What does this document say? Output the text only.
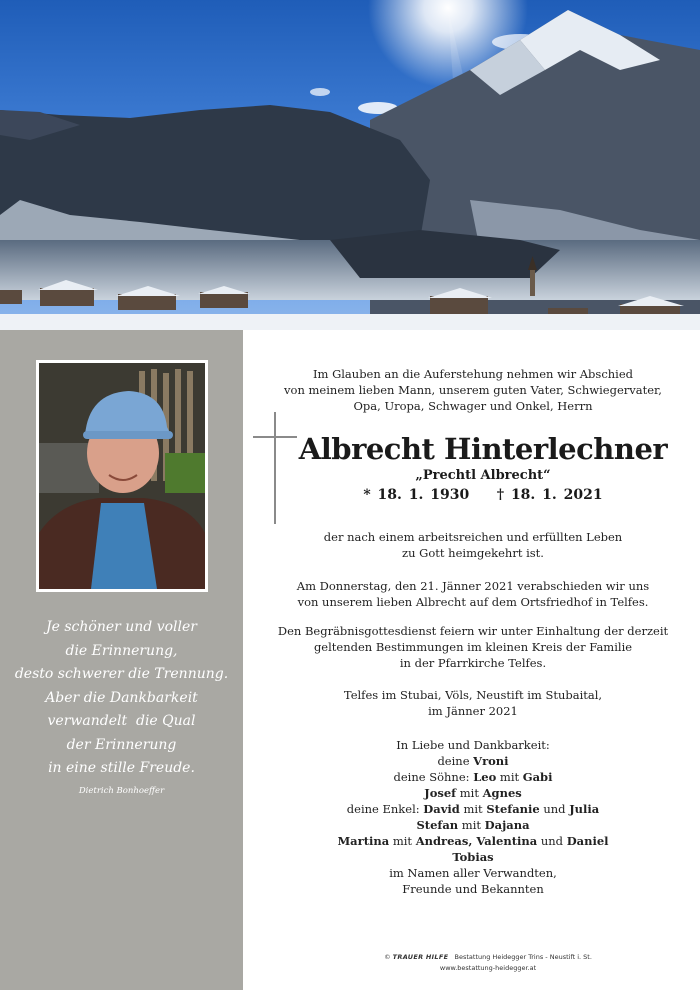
Je schöner und voller
die Erinnerung,
desto schwerer die Trennung.
Aber die Dankbarkeit
verwandelt  die Qual
der Erinnerung
in eine stille Freude.
Dietrich Bonhoeffer
Im Glauben an die Auferstehung nehmen wir Abschied
von meinem lieben Mann, unserem guten Vater, Schwiegervater,
Opa, Uropa, Schwager und Onkel, Herrn
Albrecht Hinterlechner
„Prechtl Albrecht“
* 18. 1. 1930 † 18. 1. 2021
der nach einem arbeitsreichen und erfüllten Leben
zu Gott heimgekehrt ist.
Am Donnerstag, den 21. Jänner 2021 verabschieden wir uns
von unserem lieben Albrecht auf dem Ortsfriedhof in Telfes.
Den Begräbnisgottesdienst feiern wir unter Einhaltung der derzeit
geltenden Bestimmungen im kleinen Kreis der Familie
in der Pfarrkirche Telfes.
Telfes im Stubai, Völs, Neustift im Stubaital,
im Jänner 2021
In Liebe und Dankbarkeit:
deine Vroni
deine Söhne: Leo mit Gabi
Josef mit Agnes
deine Enkel: David mit Stefanie und Julia
Stefan mit Dajana
Martina mit Andreas, Valentina und Daniel
Tobias
im Namen aller Verwandten,
Freunde und Bekannten
© TRAUER HILFE   Bestattung Heidegger Trins - Neustift i. St.
www.bestattung-heidegger.at
